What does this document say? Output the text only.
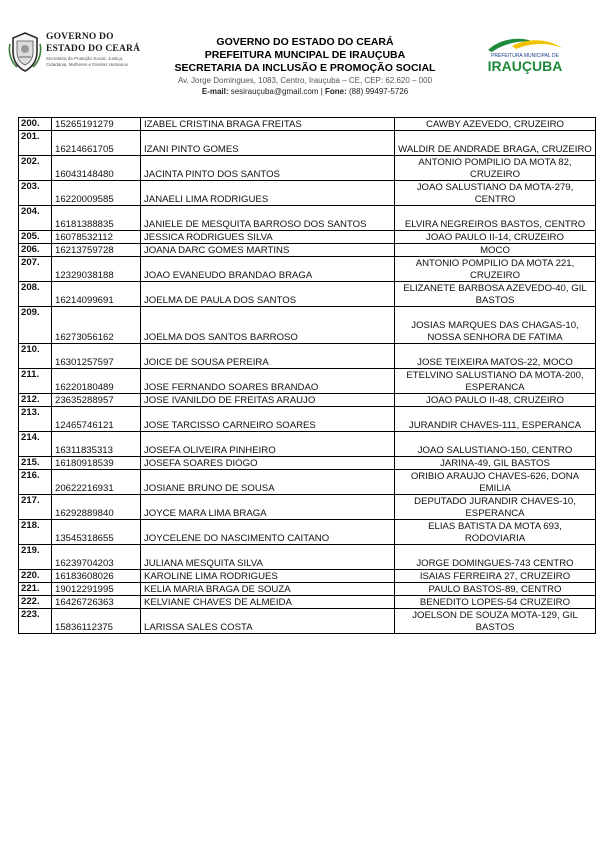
GOVERNO DO
ESTADO DO CEARÁ
Secretaria da Proteção Social, Justiça, Cidadania, Mulheres e Direitos Humanos
GOVERNO DO ESTADO DO CEARÁ
PREFEITURA MUNCIPAL DE IRAUÇUBA
SECRETARIA DA INCLUSÃO E PROMOÇÃO SOCIAL
Av. Jorge Domingues, 1083, Centro, Irauçuba – CE, CEP: 62.620 – 000
E-mail: sesirauçuba@gmail.com | Fone: (88) 99497-5726
PREFEITURA MUNICIPAL DE
IRAUÇUBA
200.	15265191279	IZABEL CRISTINA BRAGA FREITAS	CAWBY AZEVEDO, CRUZEIRO
201.	16214661705	IZANI PINTO GOMES	WALDIR DE ANDRADE BRAGA, CRUZEIRO
202.	16043148480	JACINTA PINTO DOS SANTOS	ANTONIO POMPILIO DA MOTA 82, CRUZEIRO
203.	16220009585	JANAELI LIMA RODRIGUES	JOAO SALUSTIANO DA MOTA-279, CENTRO
204.	16181388835	JANIELE DE MESQUITA BARROSO DOS SANTOS	ELVIRA NEGREIROS BASTOS, CENTRO
205.	16078532112	JESSICA RODRIGUES SILVA	JOAO PAULO II-14, CRUZEIRO
206.	16213759728	JOANA DARC GOMES MARTINS	MOCO
207.	12329038188	JOAO EVANEUDO BRANDAO BRAGA	ANTONIO POMPILIO DA MOTA 221, CRUZEIRO
208.	16214099691	JOELMA DE PAULA DOS SANTOS	ELIZANETE BARBOSA AZEVEDO-40, GIL BASTOS
209.	16273056162	JOELMA DOS SANTOS BARROSO	JOSIAS MARQUES DAS CHAGAS-10, NOSSA SENHORA DE FATIMA
210.	16301257597	JOICE DE SOUSA PEREIRA	JOSE TEIXEIRA MATOS-22, MOCO
211.	16220180489	JOSE FERNANDO SOARES BRANDAO	ETELVINO SALUSTIANO DA MOTA-200, ESPERANCA
212.	23635288957	JOSE IVANILDO DE FREITAS ARAUJO	JOAO PAULO II-48, CRUZEIRO
213.	12465746121	JOSE TARCISSO CARNEIRO SOARES	JURANDIR CHAVES-111, ESPERANCA
214.	16311835313	JOSEFA OLIVEIRA PINHEIRO	JOAO SALUSTIANO-150, CENTRO
215.	16180918539	JOSEFA SOARES DIOGO	JARINA-49, GIL BASTOS
216.	20622216931	JOSIANE BRUNO DE SOUSA	ORIBIO ARAUJO CHAVES-626, DONA EMILIA
217.	16292889840	JOYCE MARA LIMA BRAGA	DEPUTADO JURANDIR CHAVES-10, ESPERANCA
218.	13545318655	JOYCELENE DO NASCIMENTO CAITANO	ELIAS BATISTA DA MOTA 693, RODOVIARIA
219.	16239704203	JULIANA MESQUITA SILVA	JORGE DOMINGUES-743 CENTRO
220.	16183608026	KAROLINE LIMA RODRIGUES	ISAIAS FERREIRA 27, CRUZEIRO
221.	19012291995	KELIA MARIA BRAGA DE SOUZA	PAULO BASTOS-89, CENTRO
222.	16426726363	KELVIANE CHAVES DE ALMEIDA	BENEDITO LOPES-54 CRUZEIRO
223.	15836112375	LARISSA SALES COSTA	JOELSON DE SOUZA MOTA-129, GIL BASTOS
